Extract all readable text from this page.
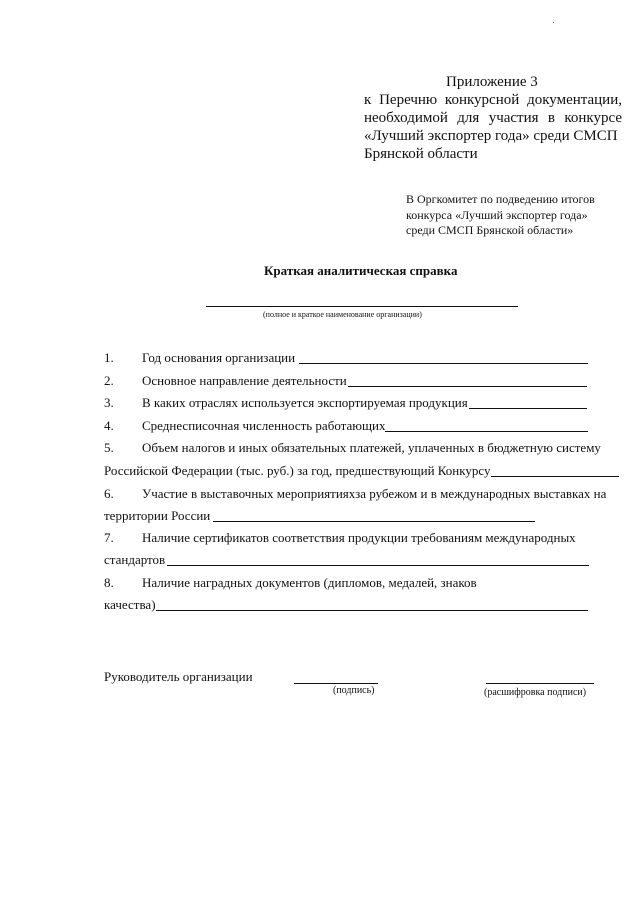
Приложение 3
к Перечню конкурсной документации,
необходимой для участия в конкурсе
«Лучший экспортер года» среди СМСП
Брянской области
В Оргкомитет по подведению итогов
конкурса «Лучший экспортер года»
среди СМСП Брянской области»
Краткая аналитическая справка
(полное и краткое наименование организации)
1. Год основания организации
2. Основное направление деятельности
3. В каких отраслях используется экспортируемая продукция
4. Среднесписочная численность работающих
5. Объем налогов и иных обязательных платежей, уплаченных в бюджетную систему
Российской Федерации (тыс. руб.) за год, предшествующий Конкурсу
6. Участие в выставочных мероприятияхза рубежом и в международных выставках на
территории России
7. Наличие сертификатов соответствия продукции требованиям международных
стандартов
8. Наличие наградных документов (дипломов, медалей, знаков
качества)
Руководитель организации
(подпись)	(расшифровка подписи)
